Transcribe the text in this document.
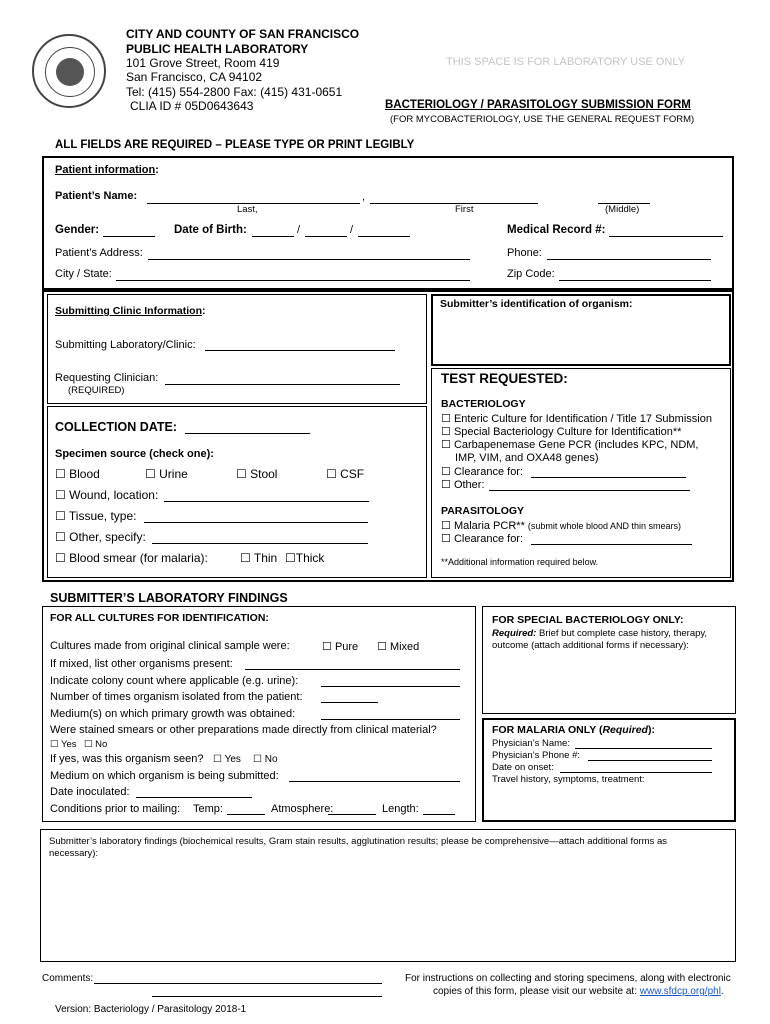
CITY AND COUNTY OF SAN FRANCISCO
PUBLIC HEALTH LABORATORY
101 Grove Street, Room 419
San Francisco, CA 94102
Tel: (415) 554-2800 Fax: (415) 431-0651
CLIA ID # 05D0643643
THIS SPACE IS FOR LABORATORY USE ONLY
BACTERIOLOGY / PARASITOLOGY SUBMISSION FORM
(FOR MYCOBACTERIOLOGY, USE THE GENERAL REQUEST FORM)
ALL FIELDS ARE REQUIRED – PLEASE TYPE OR PRINT LEGIBLY
Patient information:
Patient’s Name:	,
Last,	First	(Middle)
Gender:	Date of Birth:	/	/	Medical Record #:
Patient’s Address:	Phone:
City / State:	Zip Code:
Submitting Clinic Information:
Submitting Laboratory/Clinic:
Requesting Clinician:
(REQUIRED)
Submitter’s identification of organism:
COLLECTION DATE:
Specimen source (check one):
☐ Blood	☐ Urine	☐ Stool	☐ CSF
☐ Wound, location:
☐ Tissue, type:
☐ Other, specify:
☐ Blood smear (for malaria):	☐ Thin ☐Thick
TEST REQUESTED:
BACTERIOLOGY
☐ Enteric Culture for Identification / Title 17 Submission
☐ Special Bacteriology Culture for Identification**
☐ Carbapenemase Gene PCR (includes KPC, NDM,
IMP, VIM, and OXA48 genes)
☐ Clearance for:
☐ Other:
PARASITOLOGY
☐ Malaria PCR** (submit whole blood AND thin smears)
☐ Clearance for:
**Additional information required below.
SUBMITTER’S LABORATORY FINDINGS
FOR ALL CULTURES FOR IDENTIFICATION:
Cultures made from original clinical sample were:	☐ Pure ☐ Mixed
If mixed, list other organisms present:
Indicate colony count where applicable (e.g. urine):
Number of times organism isolated from the patient:
Medium(s) on which primary growth was obtained:
Were stained smears or other preparations made directly from clinical material?
☐ Yes ☐ No
If yes, was this organism seen? ☐ Yes ☐ No
Medium on which organism is being submitted:
Date inoculated:
Conditions prior to mailing: Temp:	Atmosphere:	Length:
FOR SPECIAL BACTERIOLOGY ONLY:
Required: Brief but complete case history, therapy,
outcome (attach additional forms if necessary):
FOR MALARIA ONLY (Required):
Physician’s Name:
Physician’s Phone #:
Date on onset:
Travel history, symptoms, treatment:
Submitter’s laboratory findings (biochemical results, Gram stain results, agglutination results; please be comprehensive—attach additional forms as
necessary):
Comments:	For instructions on collecting and storing specimens, along with electronic
copies of this form, please visit our website at: www.sfdcp.org/phl.
Version: Bacteriology / Parasitology 2018-1
